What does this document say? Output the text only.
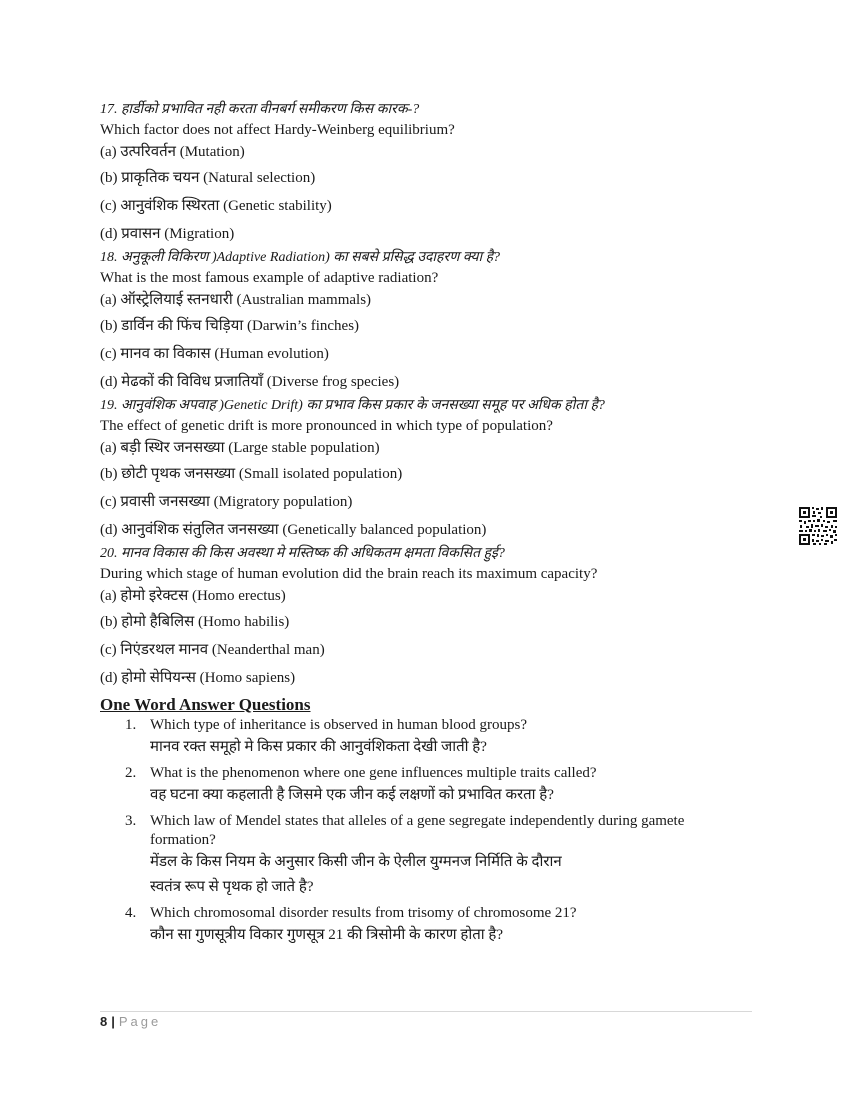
17. हार्डीको प्रभावित नही करता वीनबर्ग समीकरण किस कारक-?
Which factor does not affect Hardy-Weinberg equilibrium?
(a) उत्परिवर्तन (Mutation)
(b) प्राकृतिक चयन (Natural selection)
(c) आनुवंशिक स्थिरता (Genetic stability)
(d) प्रवासन (Migration)
18. अनुकूली विकिरण )Adaptive Radiation) का सबसे प्रसिद्ध उदाहरण क्या है?
What is the most famous example of adaptive radiation?
(a) ऑस्ट्रेलियाई स्तनधारी (Australian mammals)
(b) डार्विन की फिंच चिड़िया (Darwin’s finches)
(c) मानव का विकास (Human evolution)
(d) मेढकों की विविध प्रजातियाँ (Diverse frog species)
19. आनुवंशिक अपवाह )Genetic Drift) का प्रभाव किस प्रकार के जनसख्या समूह पर अधिक होता है?
The effect of genetic drift is more pronounced in which type of population?
(a) बड़ी स्थिर जनसख्या (Large stable population)
(b) छोटी पृथक जनसख्या (Small isolated population)
(c) प्रवासी जनसख्या (Migratory population)
(d) आनुवंशिक संतुलित जनसख्या (Genetically balanced population)
20. मानव विकास की किस अवस्था मे मस्तिष्क की अधिकतम क्षमता विकसित हुई?
During which stage of human evolution did the brain reach its maximum capacity?
(a) होमो इरेक्टस (Homo erectus)
(b) होमो हैबिलिस (Homo habilis)
(c) निएंडरथल मानव (Neanderthal man)
(d) होमो सेपियन्स (Homo sapiens)
One Word Answer Questions
1. Which type of inheritance is observed in human blood groups?
मानव रक्त समूहो मे किस प्रकार की आनुवंशिकता देखी जाती है?
2. What is the phenomenon where one gene influences multiple traits called?
वह घटना क्या कहलाती है जिसमे एक जीन कई लक्षणों को प्रभावित करता है?
3. Which law of Mendel states that alleles of a gene segregate independently during gamete
formation?
मेंडल के किस नियम के अनुसार किसी जीन के ऐलील युग्मनज निर्मिति के दौरान
स्वतंत्र रूप से पृथक हो जाते है?
4. Which chromosomal disorder results from trisomy of chromosome 21?
कौन सा गुणसूत्रीय विकार गुणसूत्र 21 की त्रिसोमी के कारण होता है?
8 | Page
